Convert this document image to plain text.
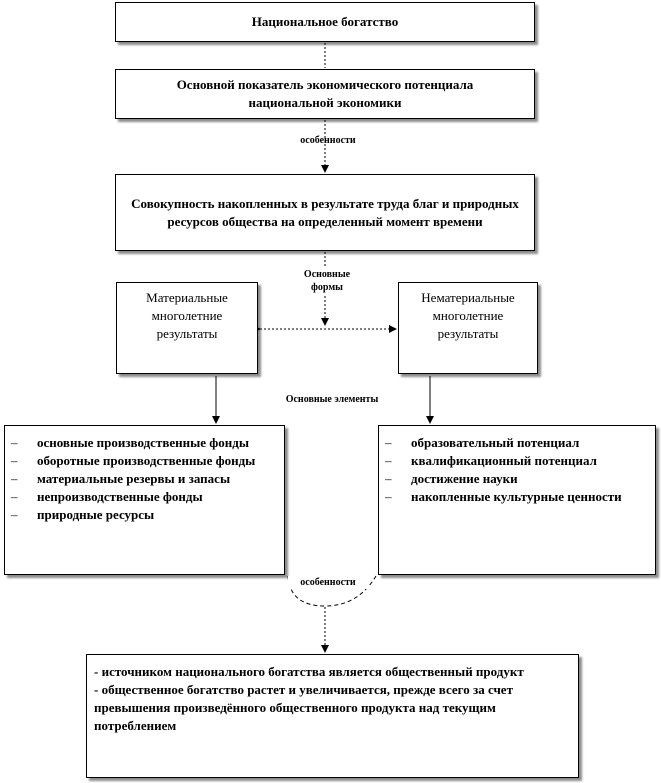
Национальное богатство
Основной показатель экономического потенциала национальной экономики
особенности
Совокупность накопленных в результате труда благ и природных ресурсов общества на определенный момент времени
Основные формы
Материальные многолетние результаты
Нематериальные многолетние результаты
Основные элементы
– основные производственные фонды
– оборотные производственные фонды
– материальные резервы и запасы
– непроизводственные фонды
– природные ресурсы
– образовательный потенциал
– квалификационный потенциал
– достижение науки
– накопленные культурные ценности
особенности
- источником национального богатства является общественный продукт
- общественное богатство растет и увеличивается, прежде всего за счет превышения произведённого общественного продукта над текущим потреблением
